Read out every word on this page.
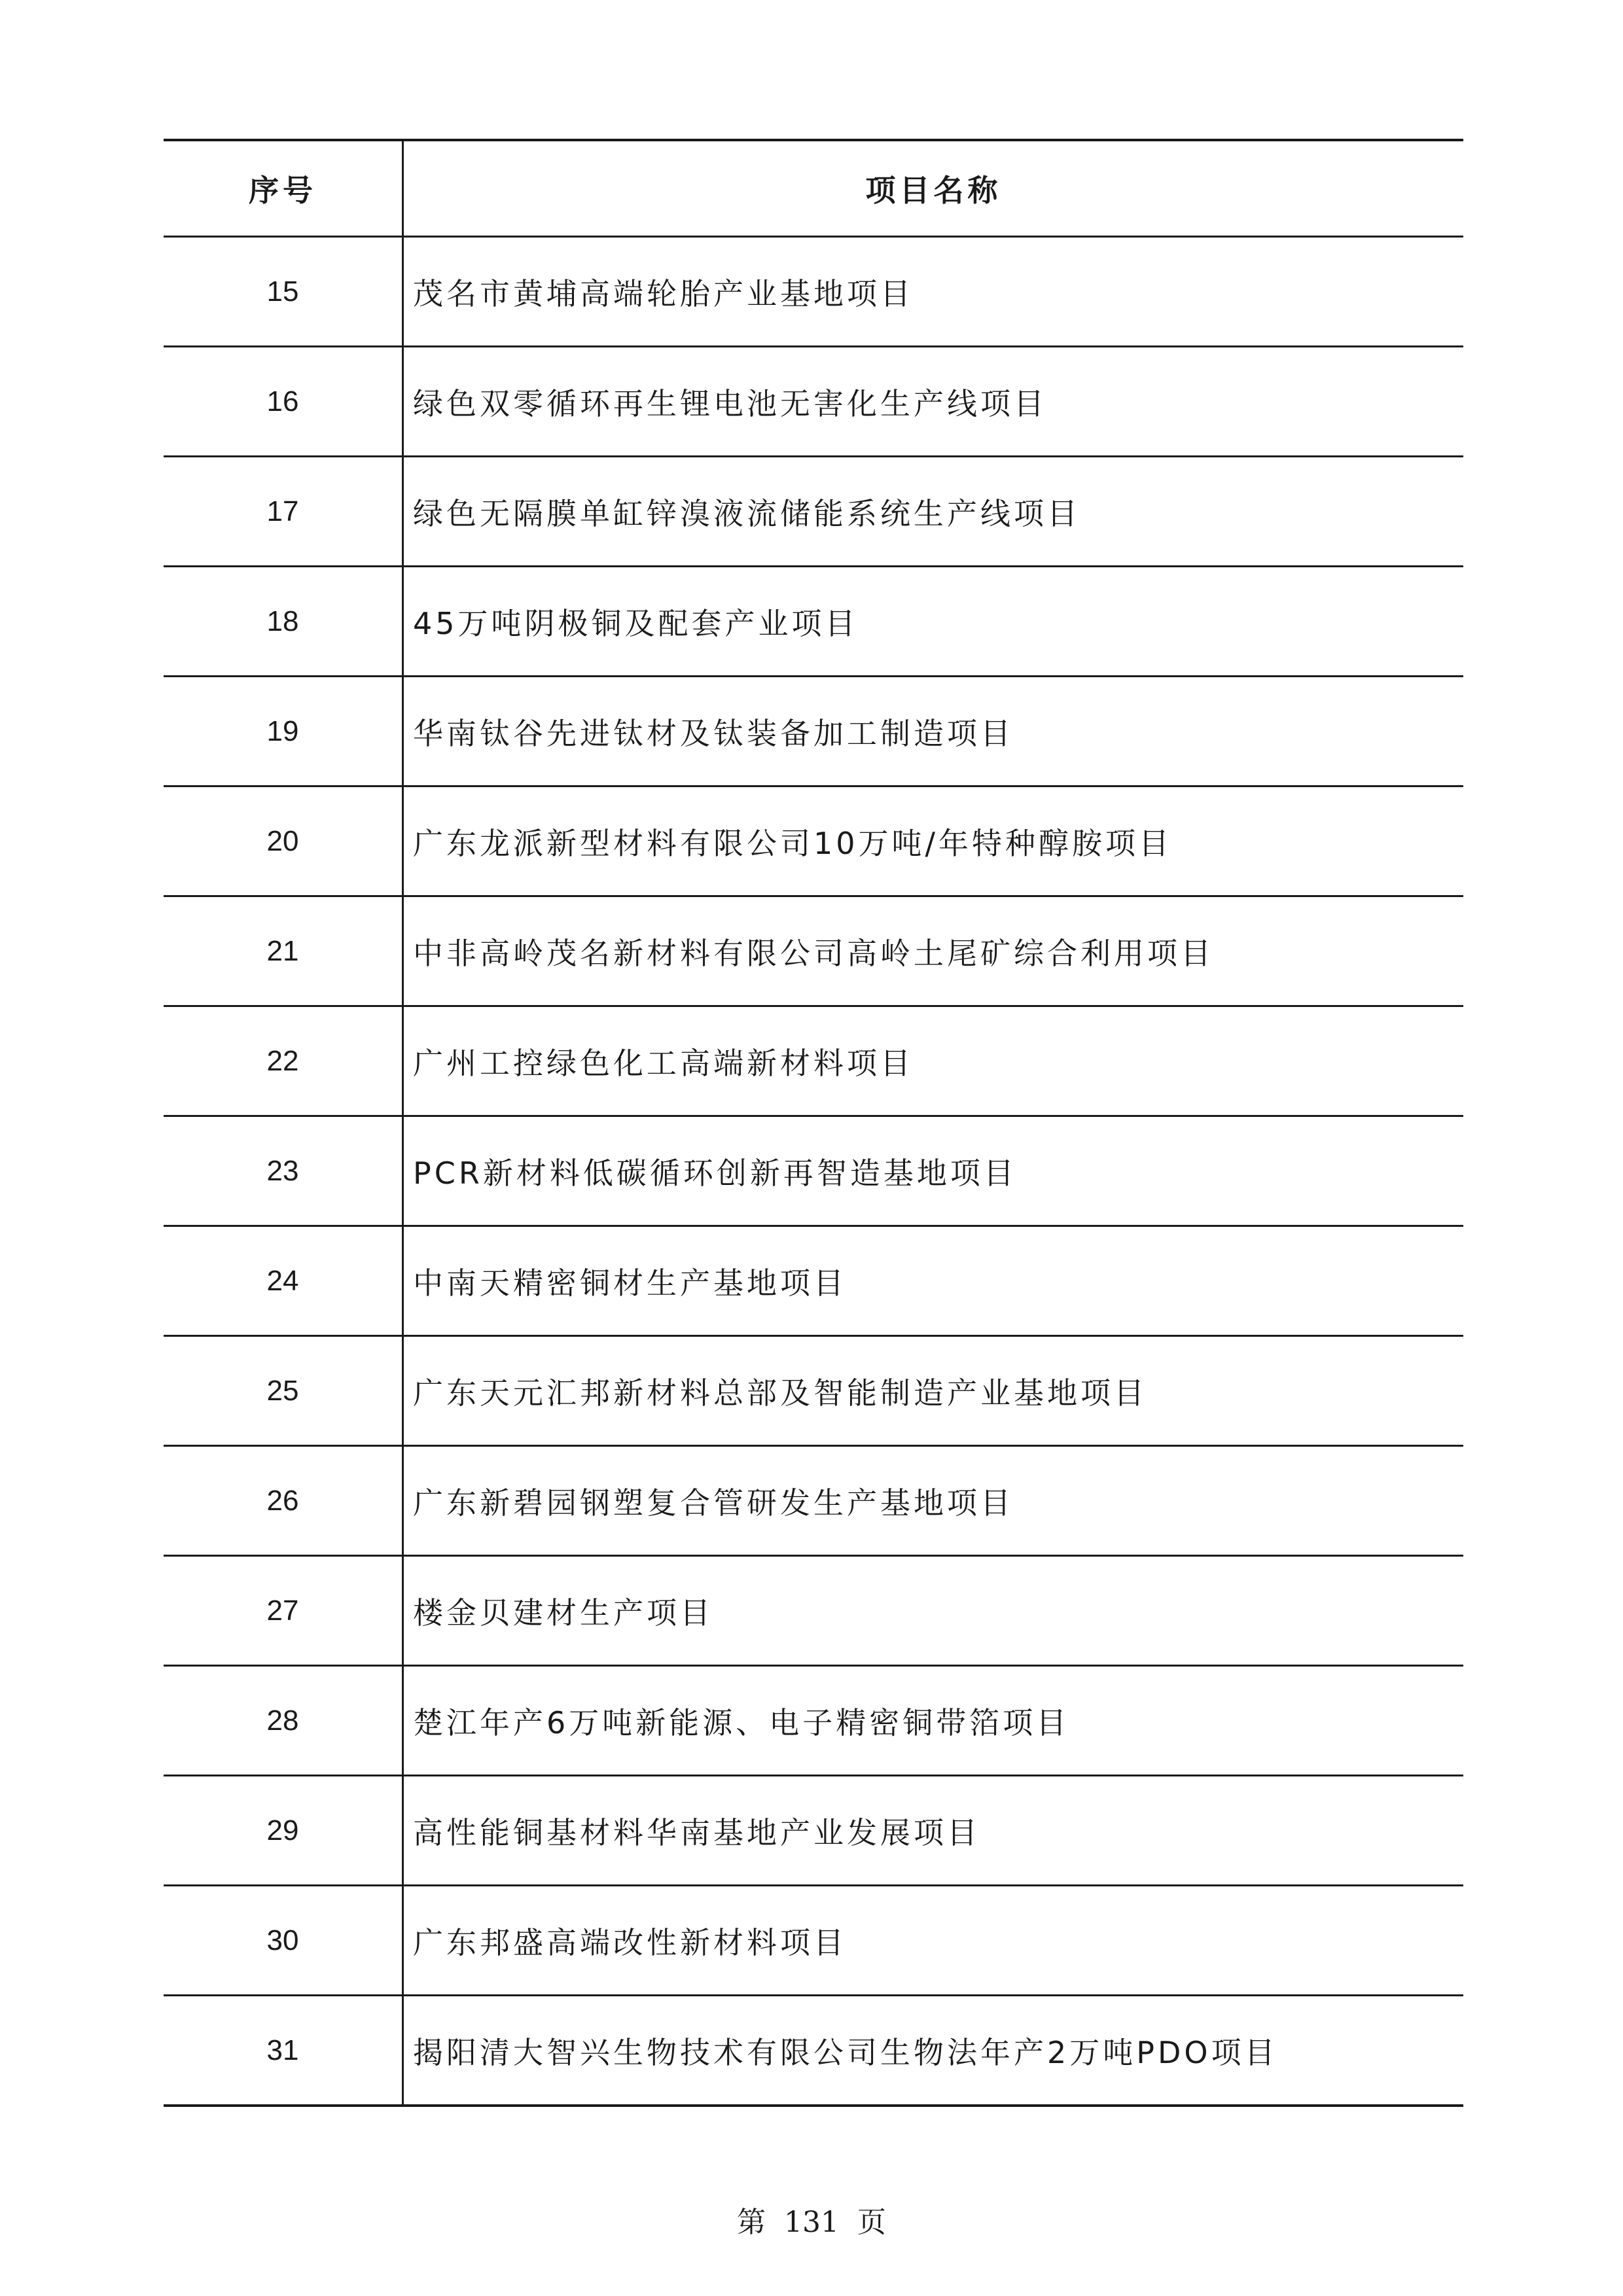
序号	项目名称
15	茂名市黄埔高端轮胎产业基地项目
16	绿色双零循环再生锂电池无害化生产线项目
17	绿色无隔膜单缸锌溴液流储能系统生产线项目
18	45万吨阴极铜及配套产业项目
19	华南钛谷先进钛材及钛装备加工制造项目
20	广东龙派新型材料有限公司10万吨/年特种醇胺项目
21	中非高岭茂名新材料有限公司高岭土尾矿综合利用项目
22	广州工控绿色化工高端新材料项目
23	PCR新材料低碳循环创新再智造基地项目
24	中南天精密铜材生产基地项目
25	广东天元汇邦新材料总部及智能制造产业基地项目
26	广东新碧园钢塑复合管研发生产基地项目
27	楼金贝建材生产项目
28	楚江年产6万吨新能源、电子精密铜带箔项目
29	高性能铜基材料华南基地产业发展项目
30	广东邦盛高端改性新材料项目
31	揭阳清大智兴生物技术有限公司生物法年产2万吨PDO项目
第 131 页
